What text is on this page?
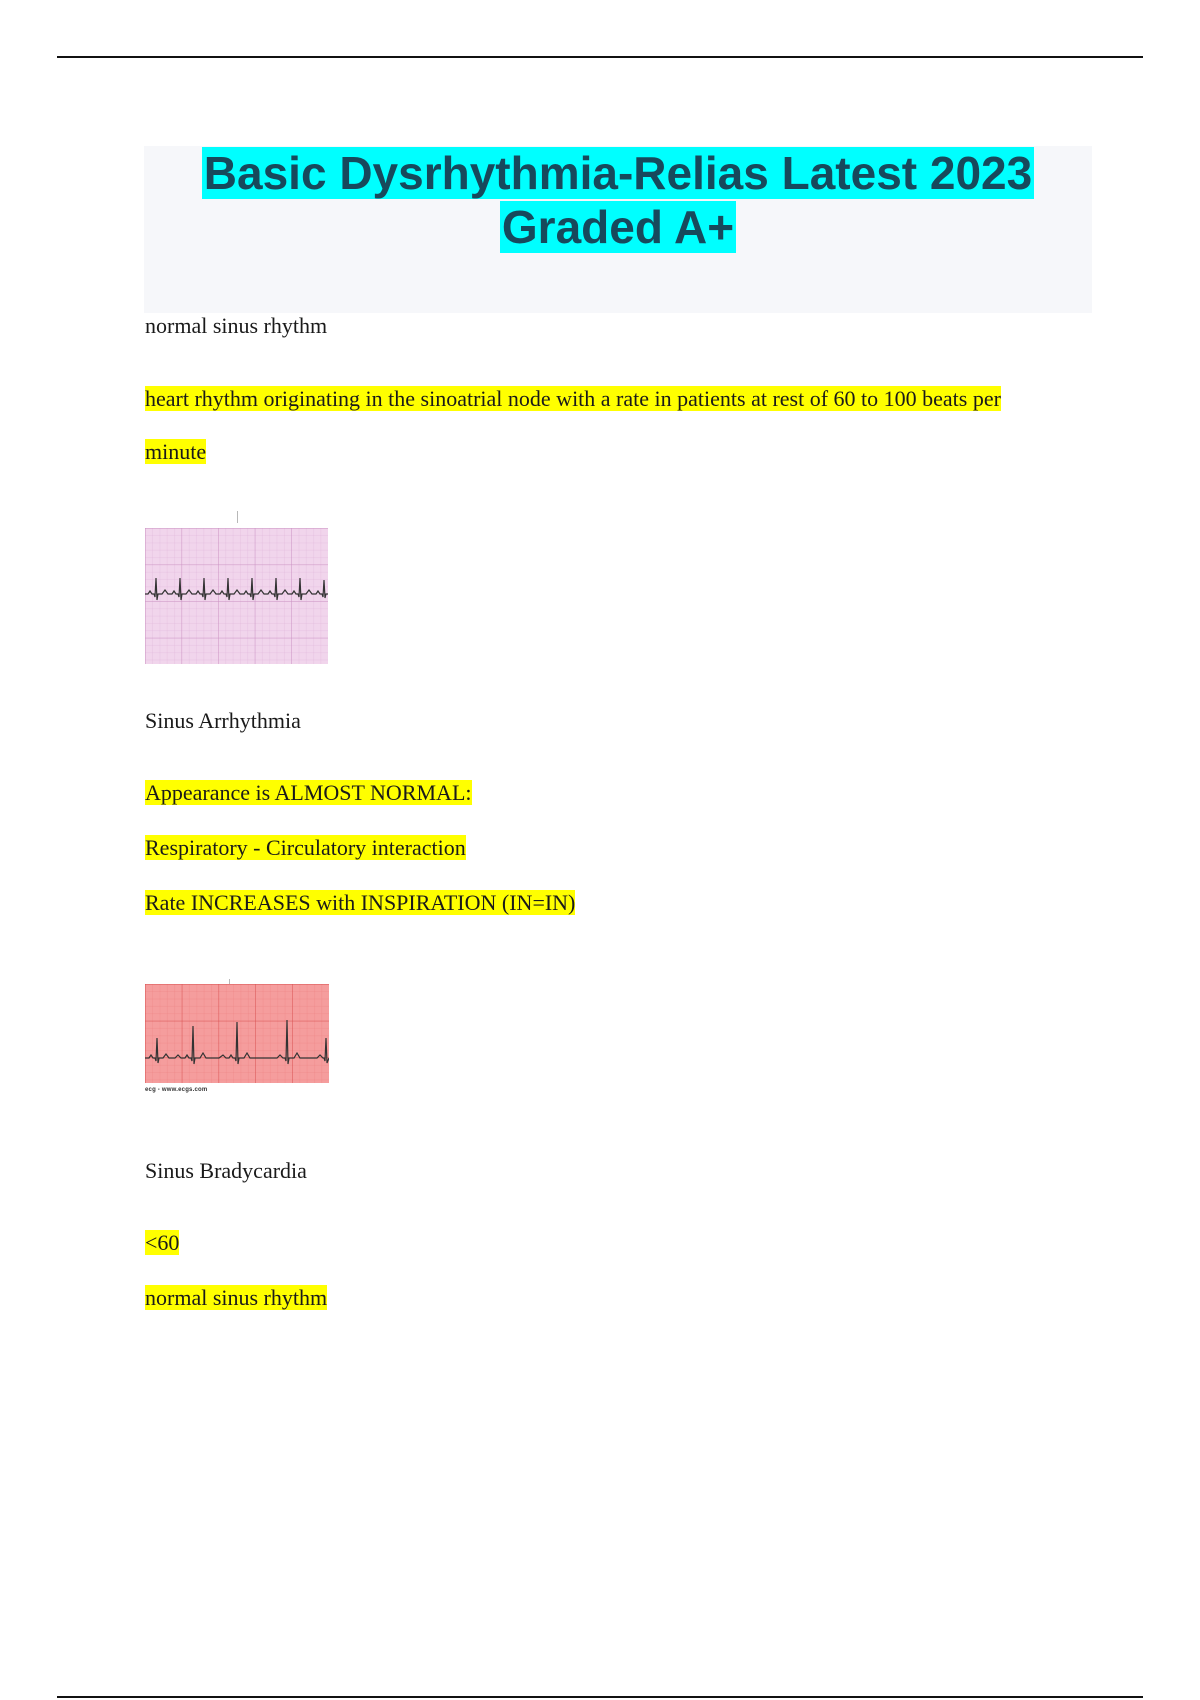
Basic Dysrhythmia-Relias Latest 2023
Graded A+
normal sinus rhythm
heart rhythm originating in the sinoatrial node with a rate in patients at rest of 60 to 100 beats per
minute
Sinus Arrhythmia
Appearance is ALMOST NORMAL:
Respiratory - Circulatory interaction
Rate INCREASES with INSPIRATION (IN=IN)
ecg - www.ecgs.com
Sinus Bradycardia
<60
normal sinus rhythm
